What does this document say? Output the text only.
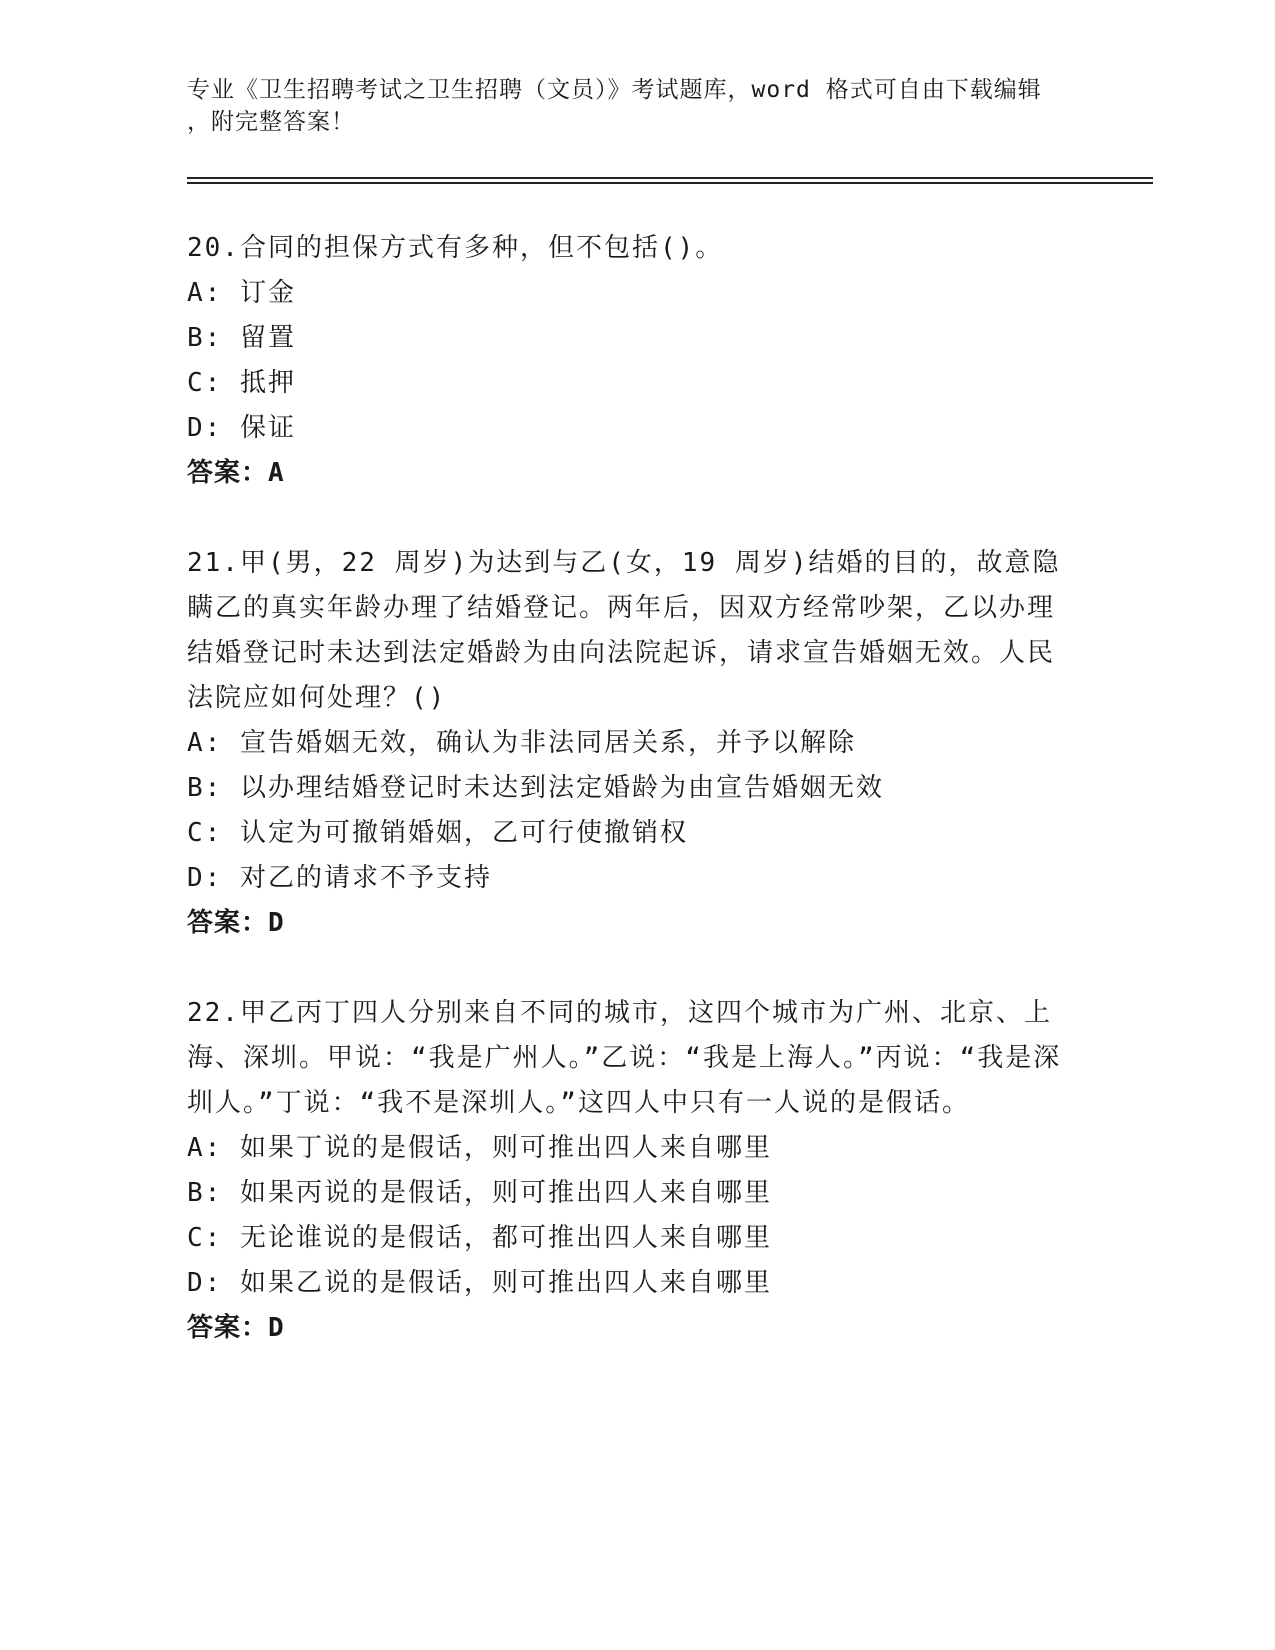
专业《卫生招聘考试之卫生招聘（文员）》考试题库，word 格式可自由下载编辑
，附完整答案！
20.合同的担保方式有多种，但不包括()。
A: 订金
B: 留置
C: 抵押
D: 保证
答案：A
21.甲(男，22 周岁)为达到与乙(女，19 周岁)结婚的目的，故意隐瞒乙的真实年龄办理了结婚登记。两年后，因双方经常吵架，乙以办理结婚登记时未达到法定婚龄为由向法院起诉，请求宣告婚姻无效。人民法院应如何处理？()
A: 宣告婚姻无效，确认为非法同居关系，并予以解除
B: 以办理结婚登记时未达到法定婚龄为由宣告婚姻无效
C: 认定为可撤销婚姻，乙可行使撤销权
D: 对乙的请求不予支持
答案：D
22.甲乙丙丁四人分别来自不同的城市，这四个城市为广州、北京、上海、深圳。甲说：“我是广州人。”乙说：“我是上海人。”丙说：“我是深圳人。”丁说：“我不是深圳人。”这四人中只有一人说的是假话。
A: 如果丁说的是假话，则可推出四人来自哪里
B: 如果丙说的是假话，则可推出四人来自哪里
C: 无论谁说的是假话，都可推出四人来自哪里
D: 如果乙说的是假话，则可推出四人来自哪里
答案：D
